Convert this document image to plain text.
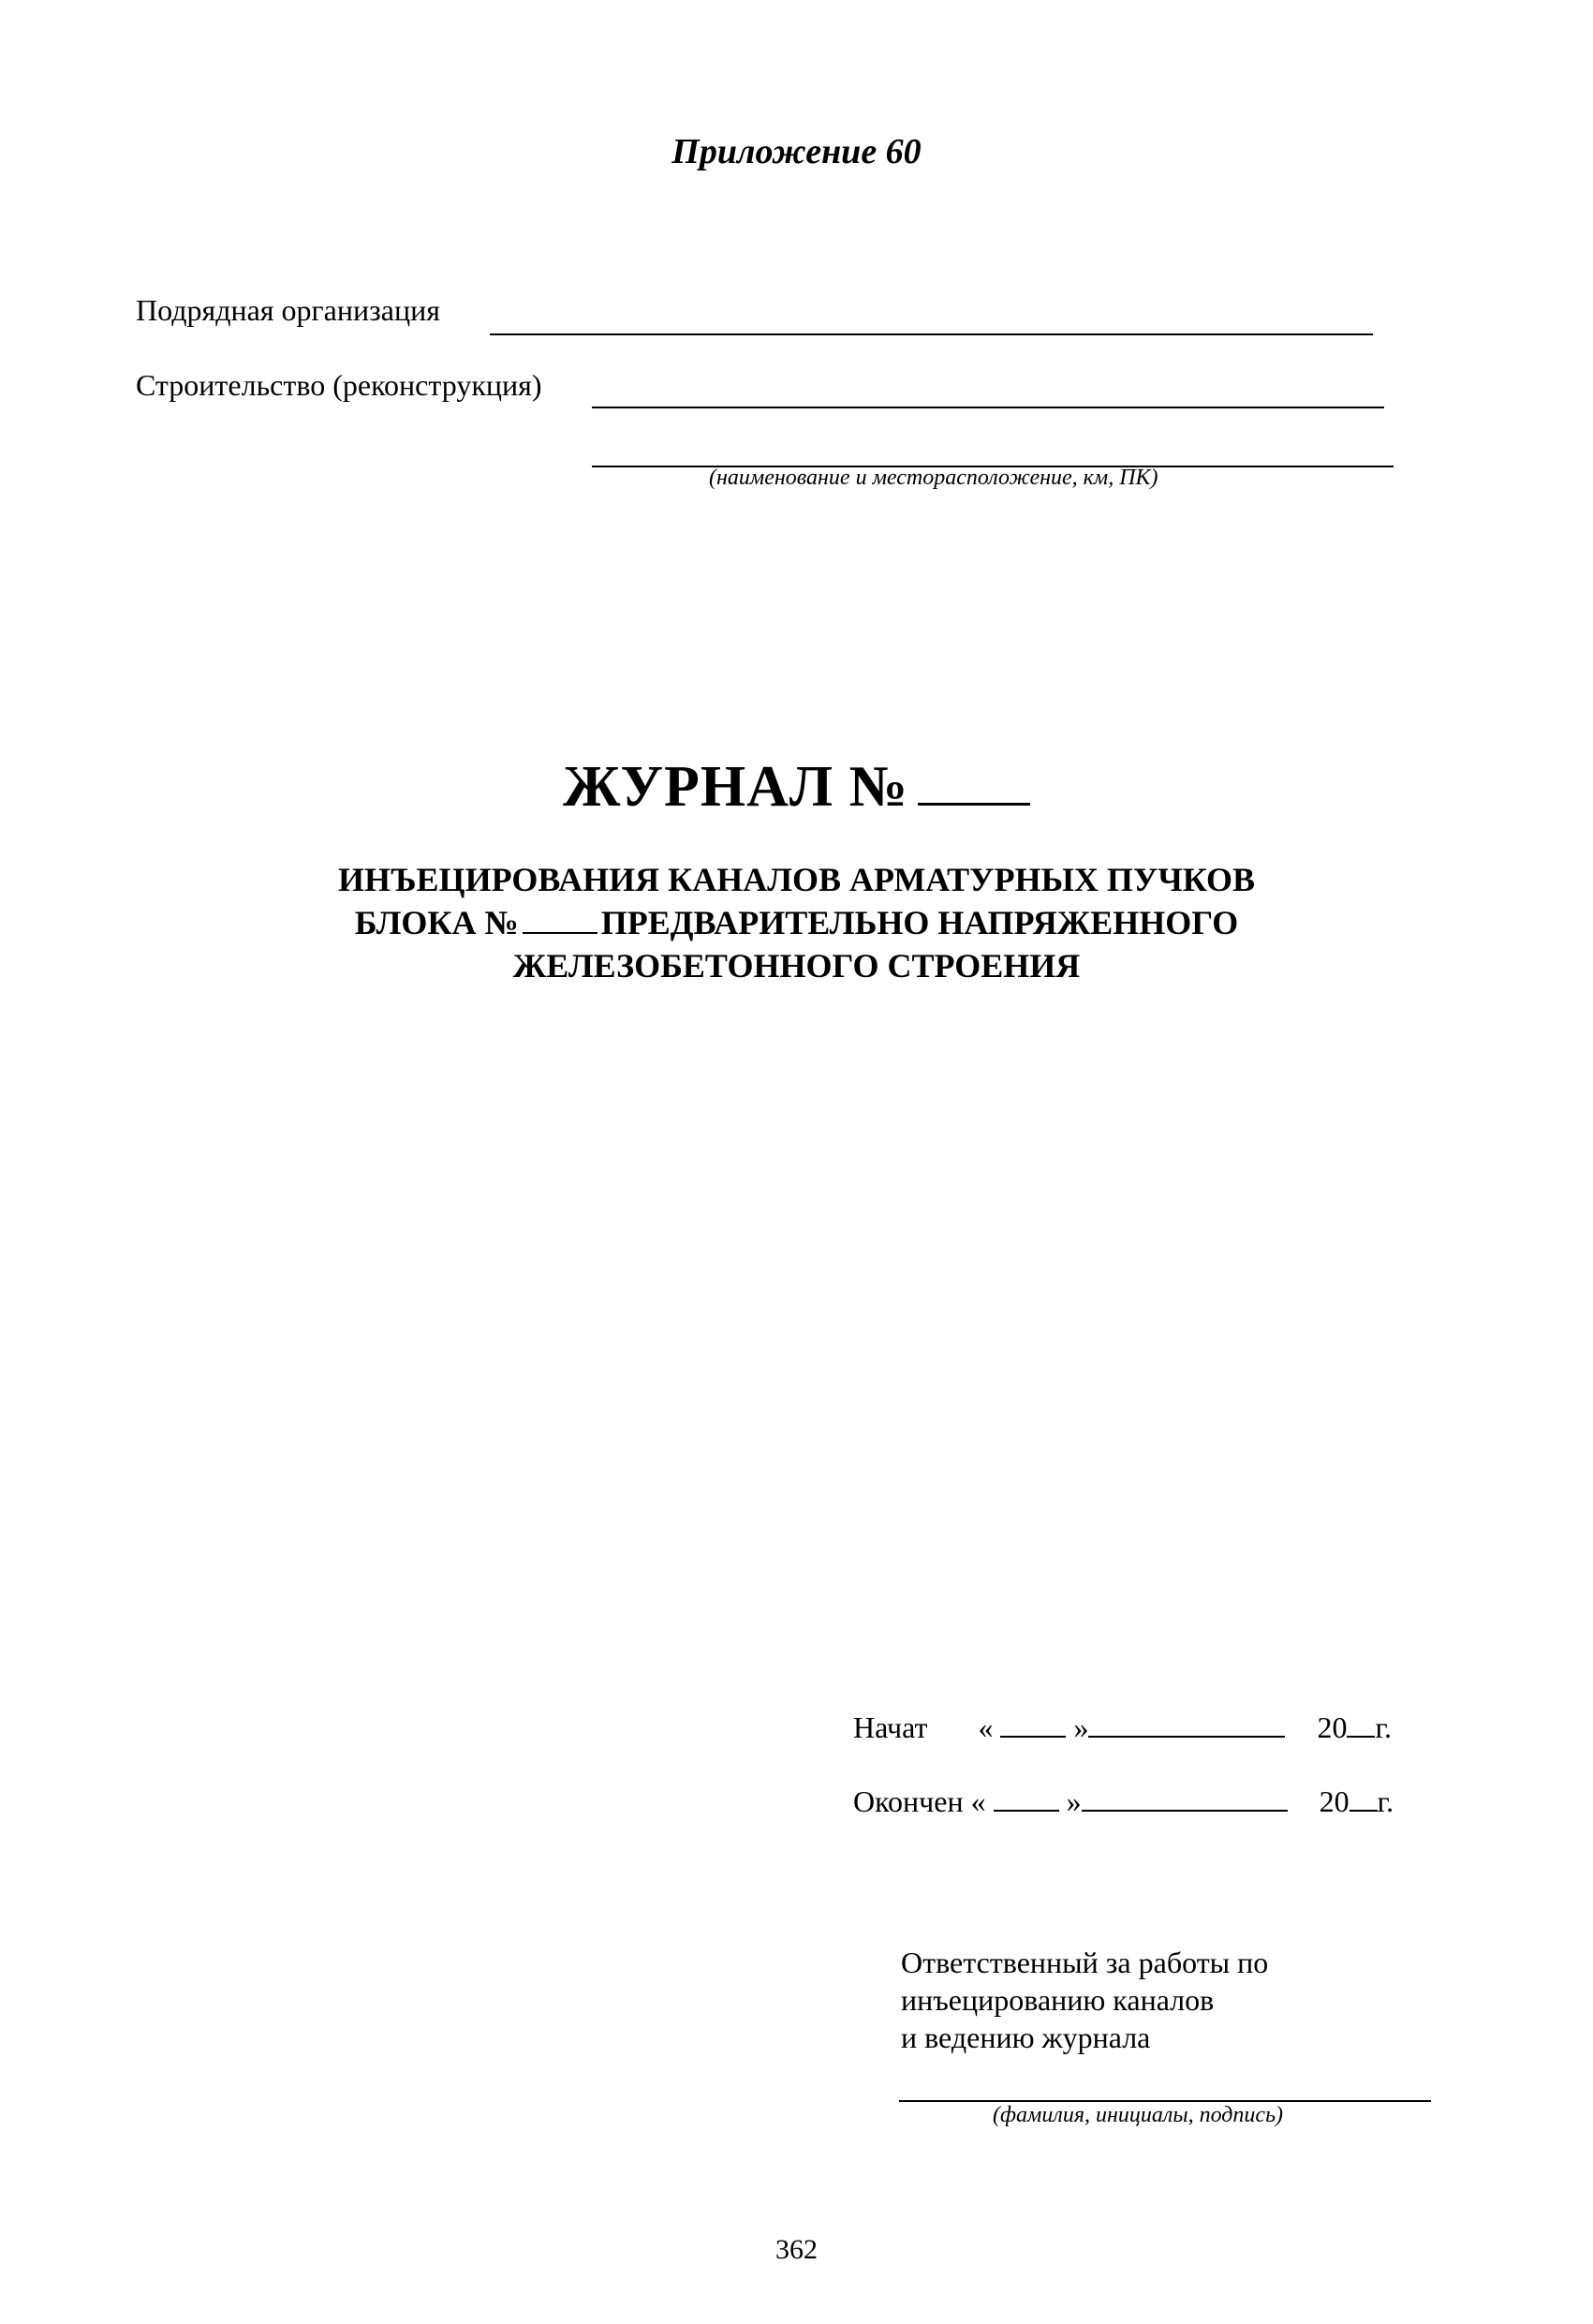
Приложение 60
Подрядная организация
Строительство (реконструкция)
(наименование и месторасположение, км, ПК)
ЖУРНАЛ №
ИНЪЕЦИРОВАНИЯ КАНАЛОВ АРМАТУРНЫХ ПУЧКОВ
БЛОКА № ПРЕДВАРИТЕЛЬНО НАПРЯЖЕННОГО
ЖЕЛЕЗОБЕТОННОГО СТРОЕНИЯ
Начат «	»	20 г.
Окончен «	»	20 г.
Ответственный за работы по
инъецированию каналов
и ведению журнала
(фамилия, инициалы, подпись)
362
